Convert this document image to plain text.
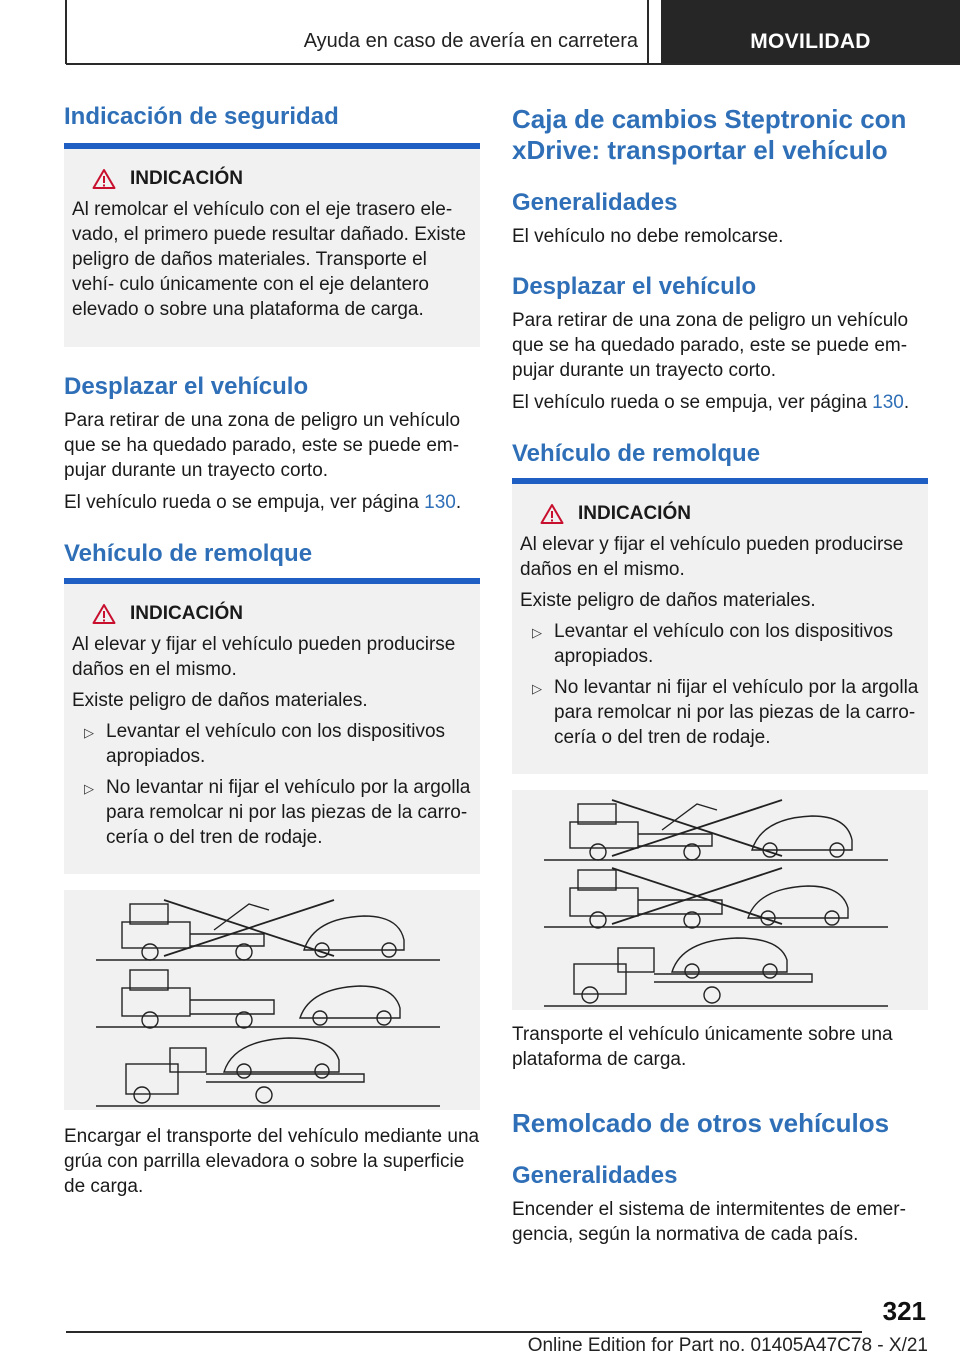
Ayuda en caso de avería en carretera	MOVILIDAD
Indicación de seguridad
INDICACIÓN
Al remolcar el vehículo con el eje trasero ele- vado, el primero puede resultar dañado. Existe peligro de daños materiales. Transporte el vehí- culo únicamente con el eje delantero elevado o sobre una plataforma de carga.
Desplazar el vehículo
Para retirar de una zona de peligro un vehículo que se ha quedado parado, este se puede em- pujar durante un trayecto corto.
El vehículo rueda o se empuja, ver página 130.
Vehículo de remolque
INDICACIÓN
Al elevar y fijar el vehículo pueden producirse daños en el mismo.
Existe peligro de daños materiales.
▷ Levantar el vehículo con los dispositivos apropiados.
▷ No levantar ni fijar el vehículo por la argolla para remolcar ni por las piezas de la carro- cería o del tren de rodaje.
Encargar el transporte del vehículo mediante una grúa con parrilla elevadora o sobre la superficie de carga.
Caja de cambios Steptronic con xDrive: transportar el vehículo
Generalidades
El vehículo no debe remolcarse.
Desplazar el vehículo
Para retirar de una zona de peligro un vehículo que se ha quedado parado, este se puede em- pujar durante un trayecto corto.
El vehículo rueda o se empuja, ver página 130.
Vehículo de remolque
INDICACIÓN
Al elevar y fijar el vehículo pueden producirse daños en el mismo.
Existe peligro de daños materiales.
▷ Levantar el vehículo con los dispositivos apropiados.
▷ No levantar ni fijar el vehículo por la argolla para remolcar ni por las piezas de la carro- cería o del tren de rodaje.
Transporte el vehículo únicamente sobre una plataforma de carga.
Remolcado de otros vehículos
Generalidades
Encender el sistema de intermitentes de emer- gencia, según la normativa de cada país.
321
Online Edition for Part no. 01405A47C78 - X/21
